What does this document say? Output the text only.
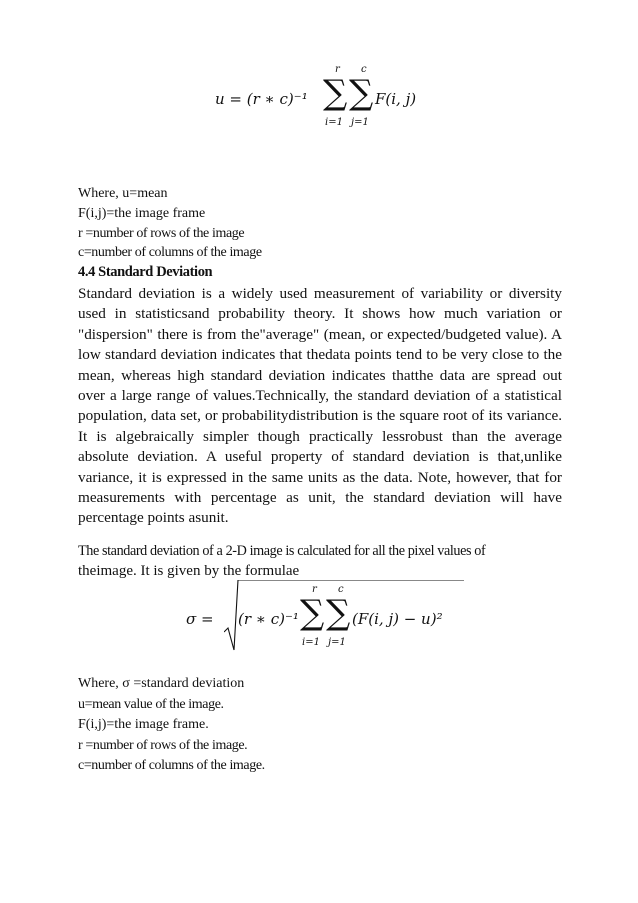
u = (r ∗ c)⁻¹
r
∑
i=1
c
∑
j=1
F(i, j)
Where, u=mean
F(i,j)=the image frame
r =number of rows of the image
c=number of columns of the image
4.4 Standard Deviation

Standard deviation is a widely used measurement of variability or diversity used in statisticsand probability theory. It shows how much variation or "dispersion" there is from the"average" (mean, or expected/budgeted value). A low standard deviation indicates that thedata points tend to be very close to the mean, whereas high standard deviation indicates thatthe data are spread out over a large range of values.Technically, the standard deviation of a statistical population, data set, or probabilitydistribution is the square root of its variance. It is algebraically simpler though practically lessrobust than the average absolute deviation. A useful property of standard deviation is that,unlike variance, it is expressed in the same units as the data. Note, however, that for measurements with percentage as unit, the standard deviation will have percentage points asunit.

The standard deviation of a 2-D image is calculated for all the pixel values of
theimage. It is given by the formulae
σ = (r ∗ c)⁻¹
r
∑
i=1
c
∑
j=1
(F(i, j) − u)²
Where, σ =standard deviation
u=mean value of the image.
F(i,j)=the image frame.
r =number of rows of the image.
c=number of columns of the image.
